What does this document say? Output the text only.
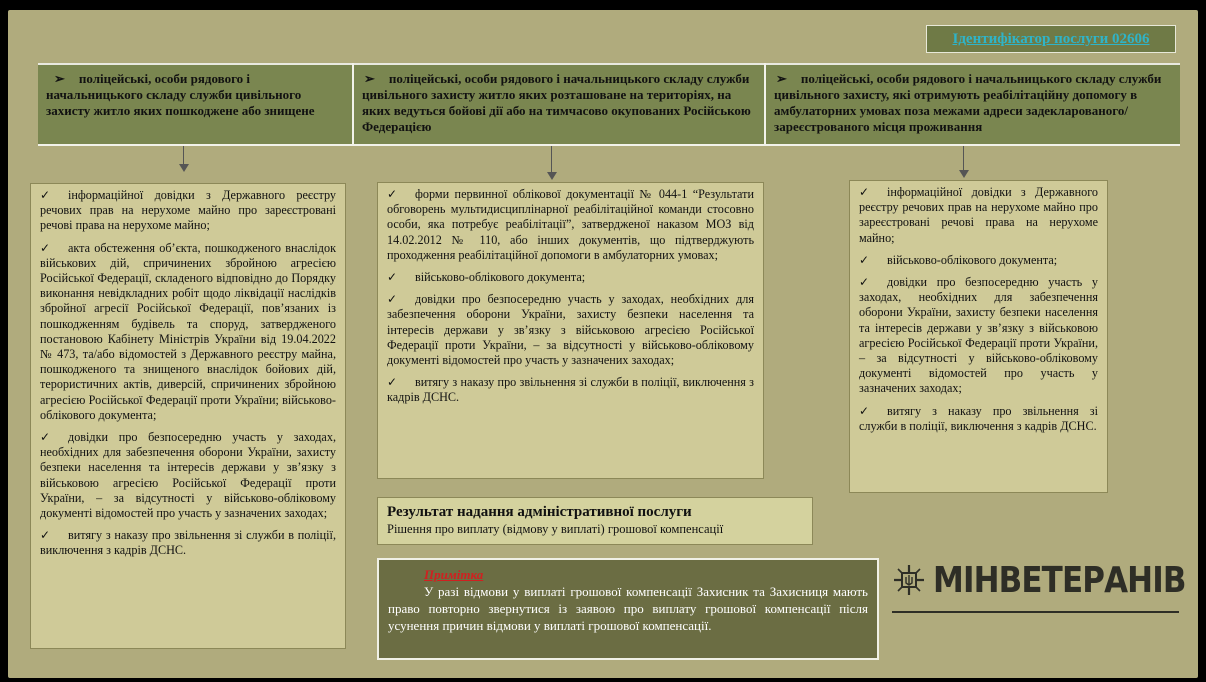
Ідентифікатор послуги 02606
➢ поліцейські, особи рядового і начальницького складу служби цивільного захисту житло яких пошкоджене або знищене
➢ поліцейські, особи рядового і начальницького складу служби цивільного захисту житло яких розташоване на територіях, на яких ведуться бойові дії або на тимчасово окупованих Російською Федерацією
➢ поліцейські, особи рядового і начальницького складу служби цивільного захисту, які отримують реабілітаційну допомогу в амбулаторних умовах поза межами адреси задекларованого/зареєстрованого місця проживання

✓ інформаційної довідки з Державного реєстру речових прав на нерухоме майно про зареєстровані речові права на нерухоме майно;

✓ акта обстеження об’єкта, пошкодженого внаслідок військових дій, спричинених збройною агресією Російської Федерації, складеного відповідно до Порядку виконання невідкладних робіт щодо ліквідації наслідків збройної агресії Російської Федерації, пов’язаних із пошкодженням будівель та споруд, затвердженого постановою Кабінету Міністрів України від 19.04.2022 № 473, та/або відомостей з Державного реєстру майна, пошкодженого та знищеного внаслідок бойових дій, терористичних актів, диверсій, спричинених збройною агресією Російської Федерації проти України; військово-облікового документа;

✓ довідки про безпосередню участь у заходах, необхідних для забезпечення оборони України, захисту безпеки населення та інтересів держави у зв’язку з військовою агресією Російської Федерації проти України, – за відсутності у військово-обліковому документі відомостей про участь у зазначених заходах;

✓ витягу з наказу про звільнення зі служби в поліції, виключення з кадрів ДСНС.

✓ форми первинної облікової документації № 044-1 “Результати обговорень мультидисциплінарної реабілітаційної команди стосовно особи, яка потребує реабілітації”, затвердженої наказом МОЗ від 14.02.2012 № 110, або інших документів, що підтверджують проходження реабілітаційної допомоги в амбулаторних умовах;

✓ військово-облікового документа;

✓ довідки про безпосередню участь у заходах, необхідних для забезпечення оборони України, захисту безпеки населення та інтересів держави у зв’язку з військовою агресією Російської Федерації проти України, – за відсутності у військово-обліковому документі відомостей про участь у зазначених заходах;

✓ витягу з наказу про звільнення зі служби в поліції, виключення з кадрів ДСНС.

✓ інформаційної довідки з Державного реєстру речових прав на нерухоме майно про зареєстровані речові права на нерухоме майно;

✓ військово-облікового документа;

✓ довідки про безпосередню участь у заходах, необхідних для забезпечення оборони України, захисту безпеки населення та інтересів держави у зв’язку з військовою агресією Російської Федерації проти України, – за відсутності у військово-обліковому документі відомостей про участь у зазначених заходах;

✓ витягу з наказу про звільнення зі служби в поліції, виключення з кадрів ДСНС.

Результат надання адміністративної послуги
Рішення про виплату (відмову у виплаті) грошової компенсації
Примітка
У разі відмови у виплаті грошової компенсації Захисник та Захисниця мають право повторно звернутися із заявою про виплату грошової компенсації після усунення причин відмови у виплаті грошової компенсації.
МІНВЕТЕРАНІВ
